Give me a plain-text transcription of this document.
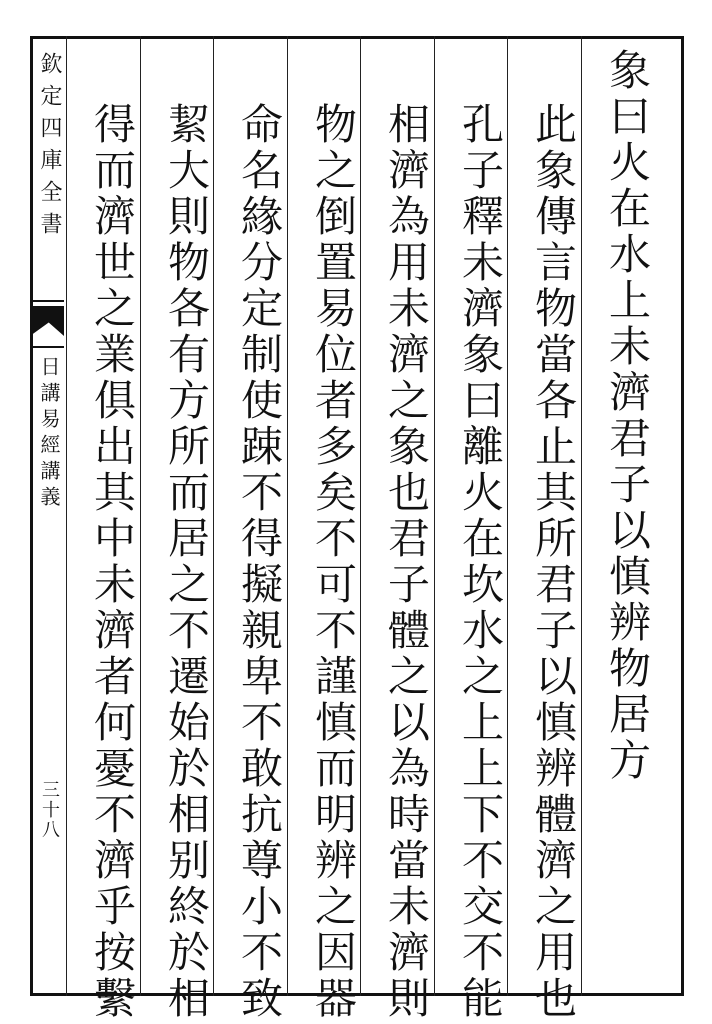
欽定四庫全書
日講易經講義
三十八
象曰火在水上未濟君子以慎辨物居方
此象傳言物當各止其所君子以慎辨體濟之用也
孔子釋未濟象曰離火在坎水之上上下不交不能
相濟為用未濟之象也君子體之以為時當未濟則
物之倒置易位者多矣不可不謹慎而明辨之因器
命名緣分定制使踈不得擬親卑不敢抗尊小不致
絜大則物各有方所而居之不遷始於相别終於相
得而濟世之業俱出其中未濟者何憂不濟乎按繫
